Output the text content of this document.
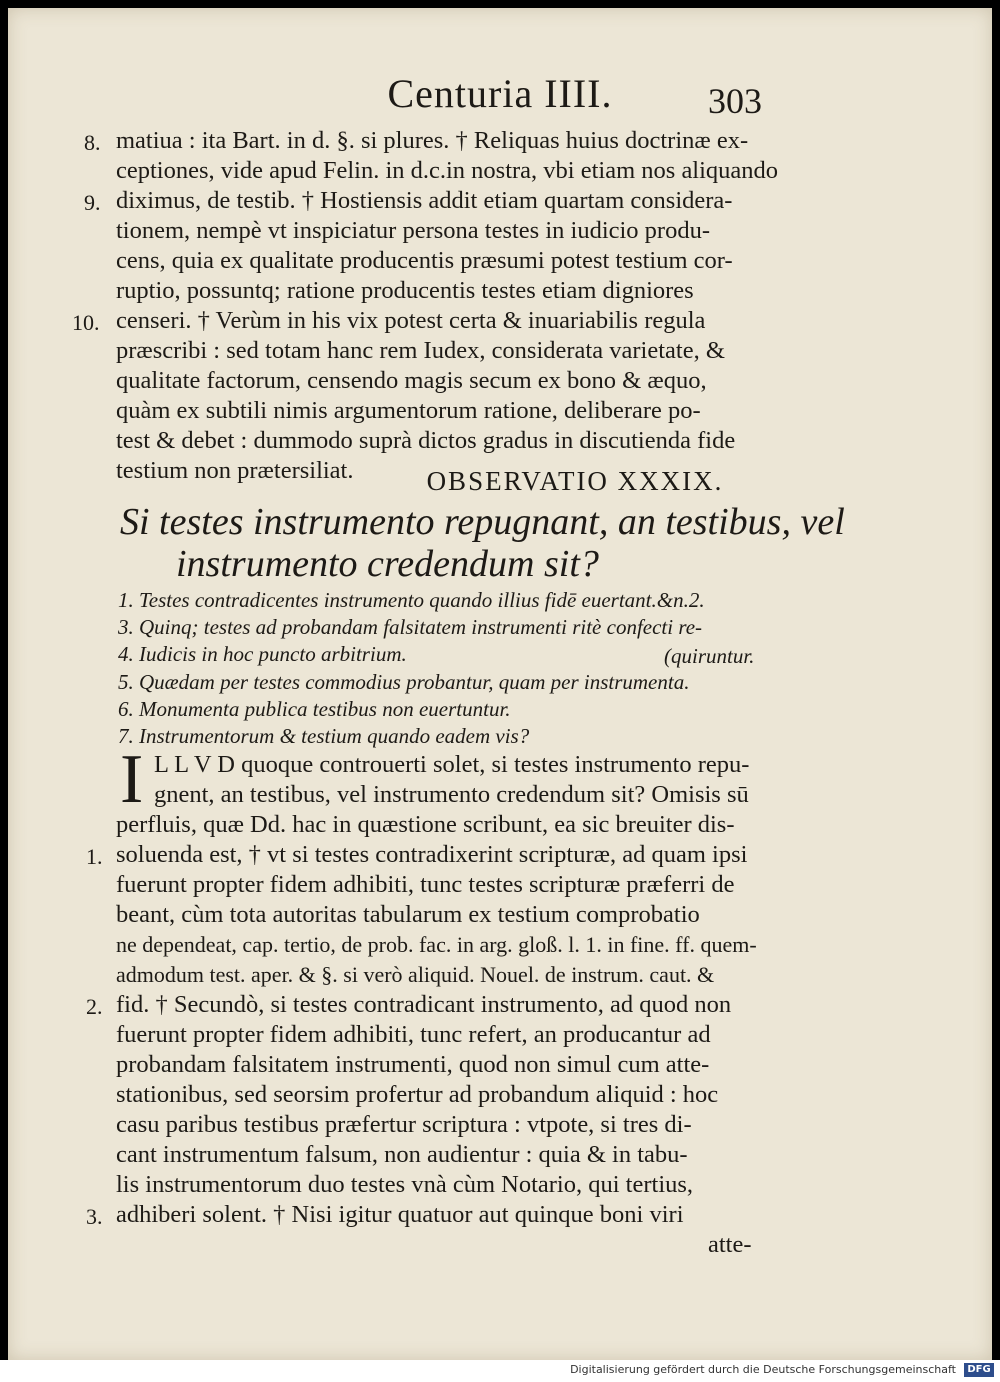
Centuria IIII.	303
matiua : ita Bart. in d. §. si plures. † Reliquas huius doctrinæ ex-
ceptiones, vide apud Felin. in d.c.in nostra, vbi etiam nos aliquando
diximus, de testib. † Hostiensis addit etiam quartam considera-
tionem, nempè vt inspiciatur persona testes in iudicio produ-
cens, quia ex qualitate producentis præsumi potest testium cor-
ruptio, possuntq; ratione producentis testes etiam digniores
censeri. † Verùm in his vix potest certa & inuariabilis regula
præscribi : sed totam hanc rem Iudex, considerata varietate, &
qualitate factorum, censendo magis secum ex bono & æquo,
quàm ex subtili nimis argumentorum ratione, deliberare po-
test & debet : dummodo suprà dictos gradus in discutienda fide
testium non prætersiliat.
8.
9.
10.
OBSERVATIO XXXIX.
Si testes instrumento repugnant, an testibus, vel
instrumento credendum sit?
1. Testes contradicentes instrumento quando illius fidē euertant.&n.2.
3. Quinq; testes ad probandam falsitatem instrumenti ritè confecti re-
4. Iudicis in hoc puncto arbitrium.	(quiruntur.
5. Quædam per testes commodius probantur, quam per instrumenta.
6. Monumenta publica testibus non euertuntur.
7. Instrumentorum & testium quando eadem vis?
I L L V D quoque controuerti solet, si testes instrumento repu-
gnent, an testibus, vel instrumento credendum sit? Omisis sū
perfluis, quæ Dd. hac in quæstione scribunt, ea sic breuiter dis-
soluenda est, † vt si testes contradixerint scripturæ, ad quam ipsi
fuerunt propter fidem adhibiti, tunc testes scripturæ præferri de
beant, cùm tota autoritas tabularum ex testium comprobatio
ne dependeat, cap. tertio, de prob. fac. in arg. gloß. l. 1. in fine. ff. quem-
admodum test. aper. & §. si verò aliquid. Nouel. de instrum. caut. &
fid. † Secundò, si testes contradicant instrumento, ad quod non
fuerunt propter fidem adhibiti, tunc refert, an producantur ad
probandam falsitatem instrumenti, quod non simul cum atte-
stationibus, sed seorsim profertur ad probandum aliquid : hoc
casu paribus testibus præfertur scriptura : vtpote, si tres di-
cant instrumentum falsum, non audientur : quia & in tabu-
lis instrumentorum duo testes vnà cùm Notario, qui tertius,
adhiberi solent. † Nisi igitur quatuor aut quinque boni viri
1.
2.
3.
atte-
Digitalisierung gefördert durch die Deutsche Forschungsgemeinschaft	DFG
